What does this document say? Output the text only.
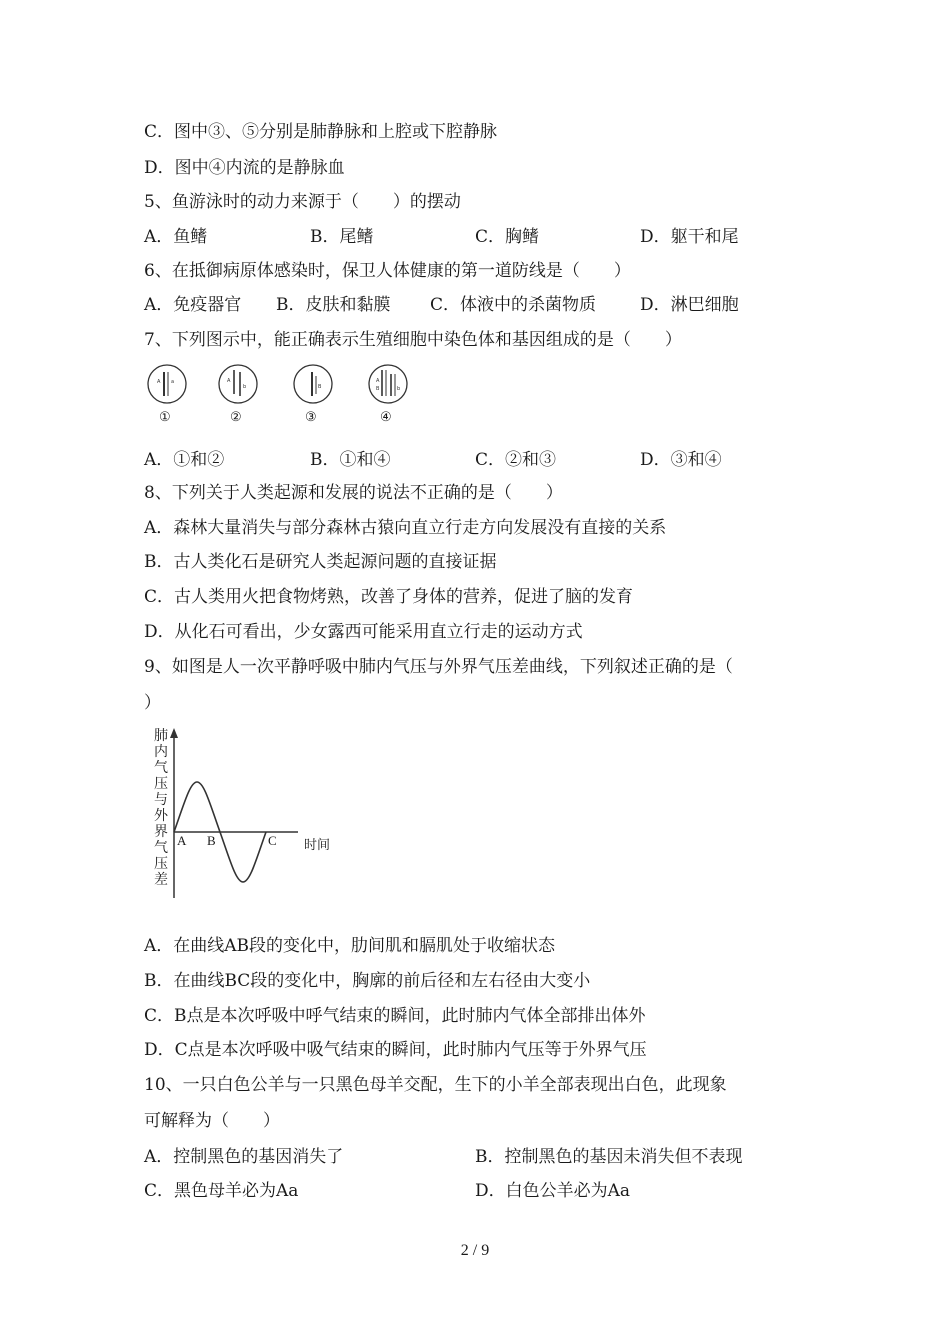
C．图中③、⑤分别是肺静脉和上腔或下腔静脉
D．图中④内流的是静脉血
5、鱼游泳时的动力来源于（　　）的摆动
A．鱼鳍	B．尾鳍	C．胸鳍	D．躯干和尾
6、在抵御病原体感染时，保卫人体健康的第一道防线是（　　）
A．免疫器官 B．皮肤和黏膜 C．体液中的杀菌物质	D．淋巴细胞
7、下列图示中，能正确表示生殖细胞中染色体和基因组成的是（　　）
A a
①
A
b
②
B
③
A
B	b
④
A．①和②	B．①和④	C．②和③	D．③和④
8、下列关于人类起源和发展的说法不正确的是（　　）
A．森林大量消失与部分森林古猿向直立行走方向发展没有直接的关系
B．古人类化石是研究人类起源问题的直接证据
C．古人类用火把食物烤熟，改善了身体的营养，促进了脑的发育
D．从化石可看出，少女露西可能采用直立行走的运动方式
9、如图是人一次平静呼吸中肺内气压与外界气压差曲线，下列叙述正确的是（
）
肺内气压与外界气压差
A B	C 时间
A．在曲线AB段的变化中，肋间肌和膈肌处于收缩状态
B．在曲线BC段的变化中，胸廓的前后径和左右径由大变小
C．B点是本次呼吸中呼气结束的瞬间，此时肺内气体全部排出体外
D．C点是本次呼吸中吸气结束的瞬间，此时肺内气压等于外界气压
10、一只白色公羊与一只黑色母羊交配，生下的小羊全部表现出白色，此现象
可解释为（　　）
A．控制黑色的基因消失了	B．控制黑色的基因未消失但不表现
C．黑色母羊必为Aa	D．白色公羊必为Aa
2 / 9
